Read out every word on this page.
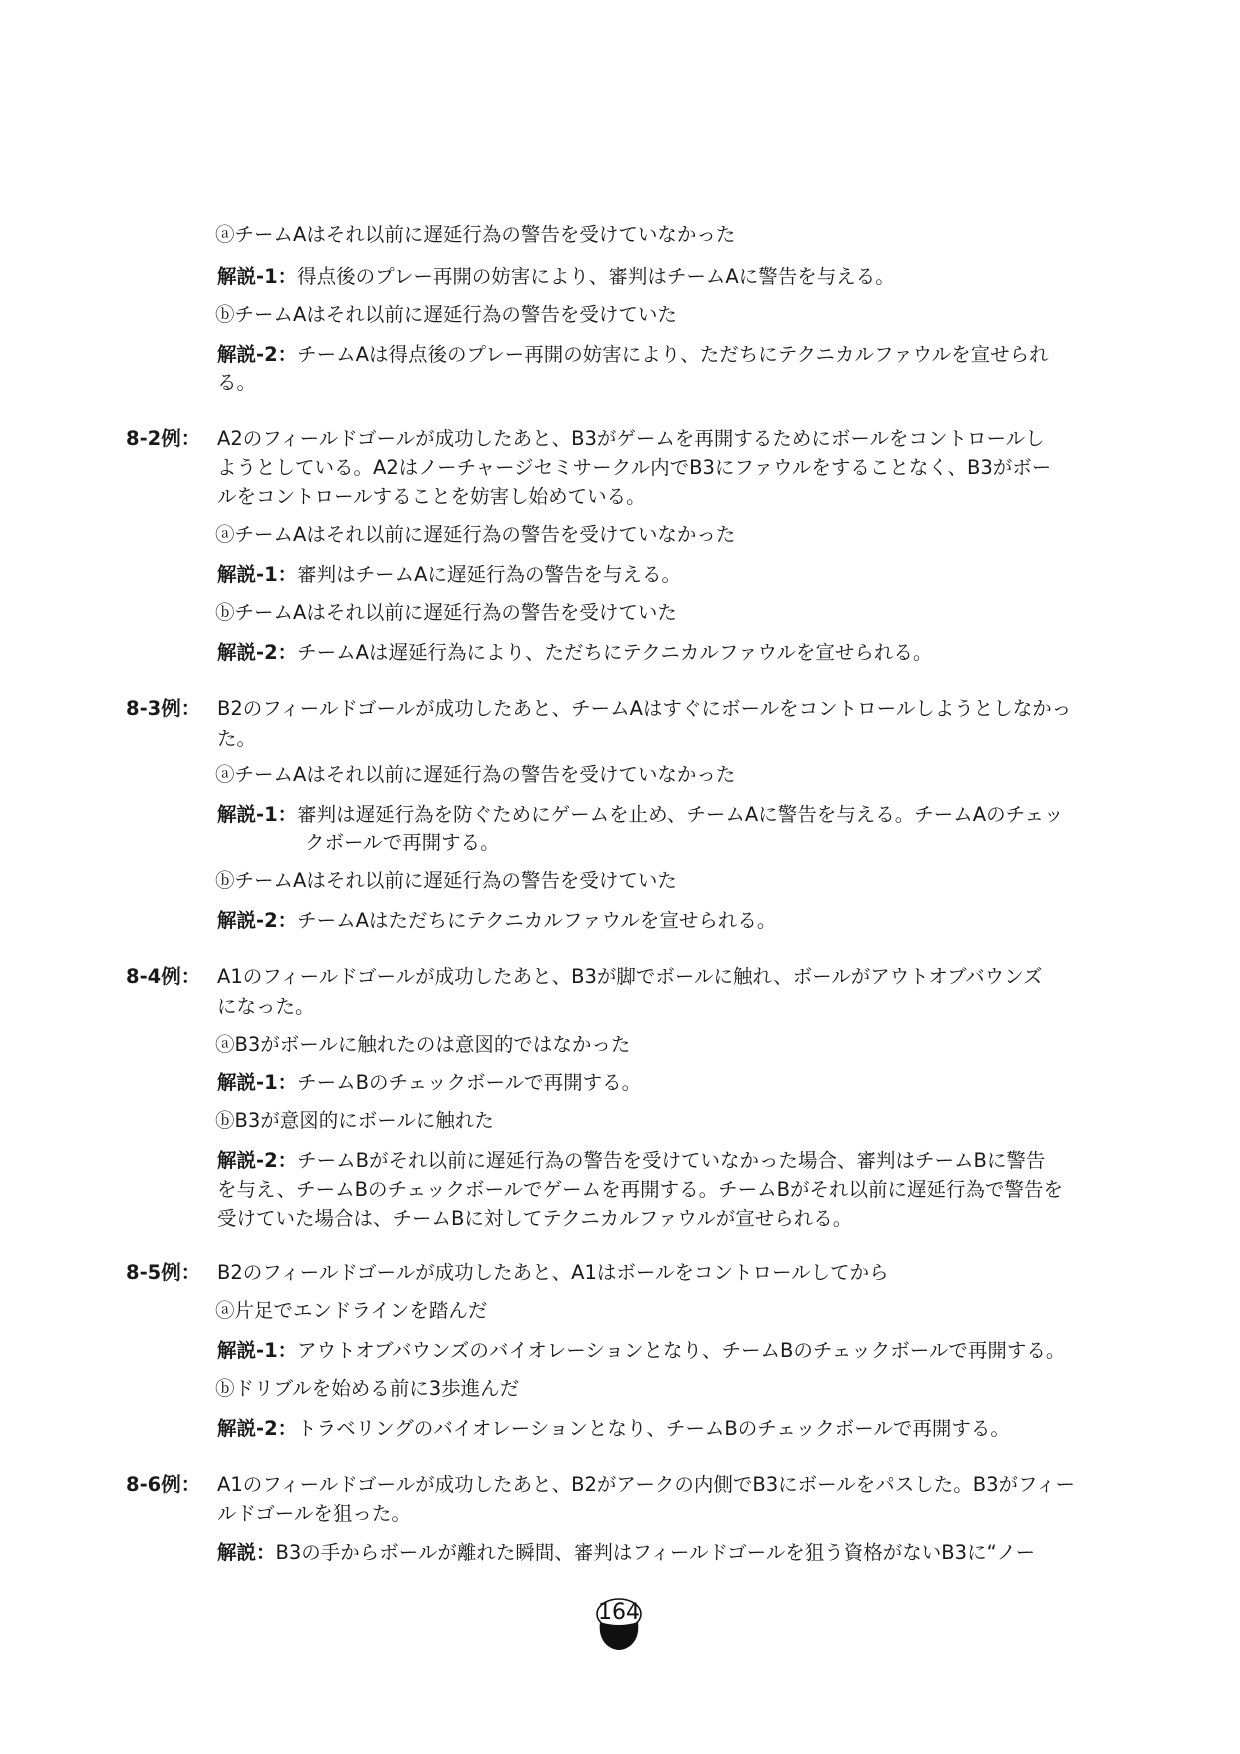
ⓐチームAはそれ以前に遅延行為の警告を受けていなかった
解説-1：得点後のプレー再開の妨害により、審判はチームAに警告を与える。
ⓑチームAはそれ以前に遅延行為の警告を受けていた
解説-2：チームAは得点後のプレー再開の妨害により、ただちにテクニカルファウルを宣せられ
る。
8-2例： A2のフィールドゴールが成功したあと、B3がゲームを再開するためにボールをコントロールし
ようとしている。A2はノーチャージセミサークル内でB3にファウルをすることなく、B3がボー
ルをコントロールすることを妨害し始めている。
ⓐチームAはそれ以前に遅延行為の警告を受けていなかった
解説-1：審判はチームAに遅延行為の警告を与える。
ⓑチームAはそれ以前に遅延行為の警告を受けていた
解説-2：チームAは遅延行為により、ただちにテクニカルファウルを宣せられる。
8-3例： B2のフィールドゴールが成功したあと、チームAはすぐにボールをコントロールしようとしなかっ
た。
ⓐチームAはそれ以前に遅延行為の警告を受けていなかった
解説-1：審判は遅延行為を防ぐためにゲームを止め、チームAに警告を与える。チームAのチェッ
クボールで再開する。
ⓑチームAはそれ以前に遅延行為の警告を受けていた
解説-2：チームAはただちにテクニカルファウルを宣せられる。
8-4例： A1のフィールドゴールが成功したあと、B3が脚でボールに触れ、ボールがアウトオブバウンズ
になった。
ⓐB3がボールに触れたのは意図的ではなかった
解説-1：チームBのチェックボールで再開する。
ⓑB3が意図的にボールに触れた
解説-2：チームBがそれ以前に遅延行為の警告を受けていなかった場合、審判はチームBに警告
を与え、チームBのチェックボールでゲームを再開する。チームBがそれ以前に遅延行為で警告を
受けていた場合は、チームBに対してテクニカルファウルが宣せられる。
8-5例： B2のフィールドゴールが成功したあと、A1はボールをコントロールしてから
ⓐ片足でエンドラインを踏んだ
解説-1：アウトオブバウンズのバイオレーションとなり、チームBのチェックボールで再開する。
ⓑドリブルを始める前に3歩進んだ
解説-2：トラベリングのバイオレーションとなり、チームBのチェックボールで再開する。
8-6例： A1のフィールドゴールが成功したあと、B2がアークの内側でB3にボールをパスした。B3がフィー
ルドゴールを狙った。
解説：B3の手からボールが離れた瞬間、審判はフィールドゴールを狙う資格がないB3に“ノー
164
